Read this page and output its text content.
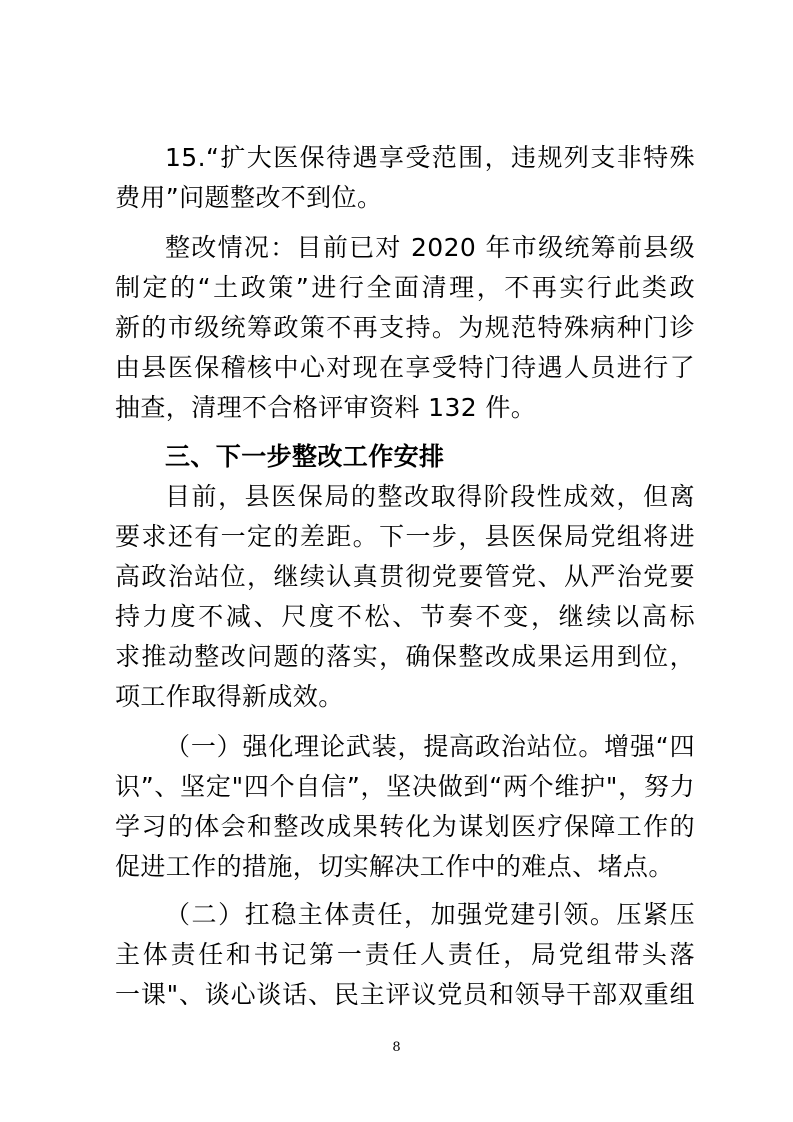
15.“扩大医保待遇享受范围，违规列支非特殊
费用”问题整改不到位。
整改情况：目前已对 2020 年市级统筹前县级
制定的“土政策”进行全面清理，不再实行此类政
新的市级统筹政策不再支持。为规范特殊病种门诊
由县医保稽核中心对现在享受特门待遇人员进行了
抽查，清理不合格评审资料 132 件。
三、下一步整改工作安排
目前，县医保局的整改取得阶段性成效，但离
要求还有一定的差距。下一步，县医保局党组将进
高政治站位，继续认真贯彻党要管党、从严治党要
持力度不减、尺度不松、节奏不变，继续以高标
求推动整改问题的落实，确保整改成果运用到位，
项工作取得新成效。
（一）强化理论武装，提高政治站位。增强“四
识”、坚定"四个自信”，坚决做到“两个维护"，努力
学习的体会和整改成果转化为谋划医疗保障工作的
促进工作的措施，切实解决工作中的难点、堵点。
（二）扛稳主体责任，加强党建引领。压紧压
主体责任和书记第一责任人责任，局党组带头落
一课"、谈心谈话、民主评议党员和领导干部双重组
8
